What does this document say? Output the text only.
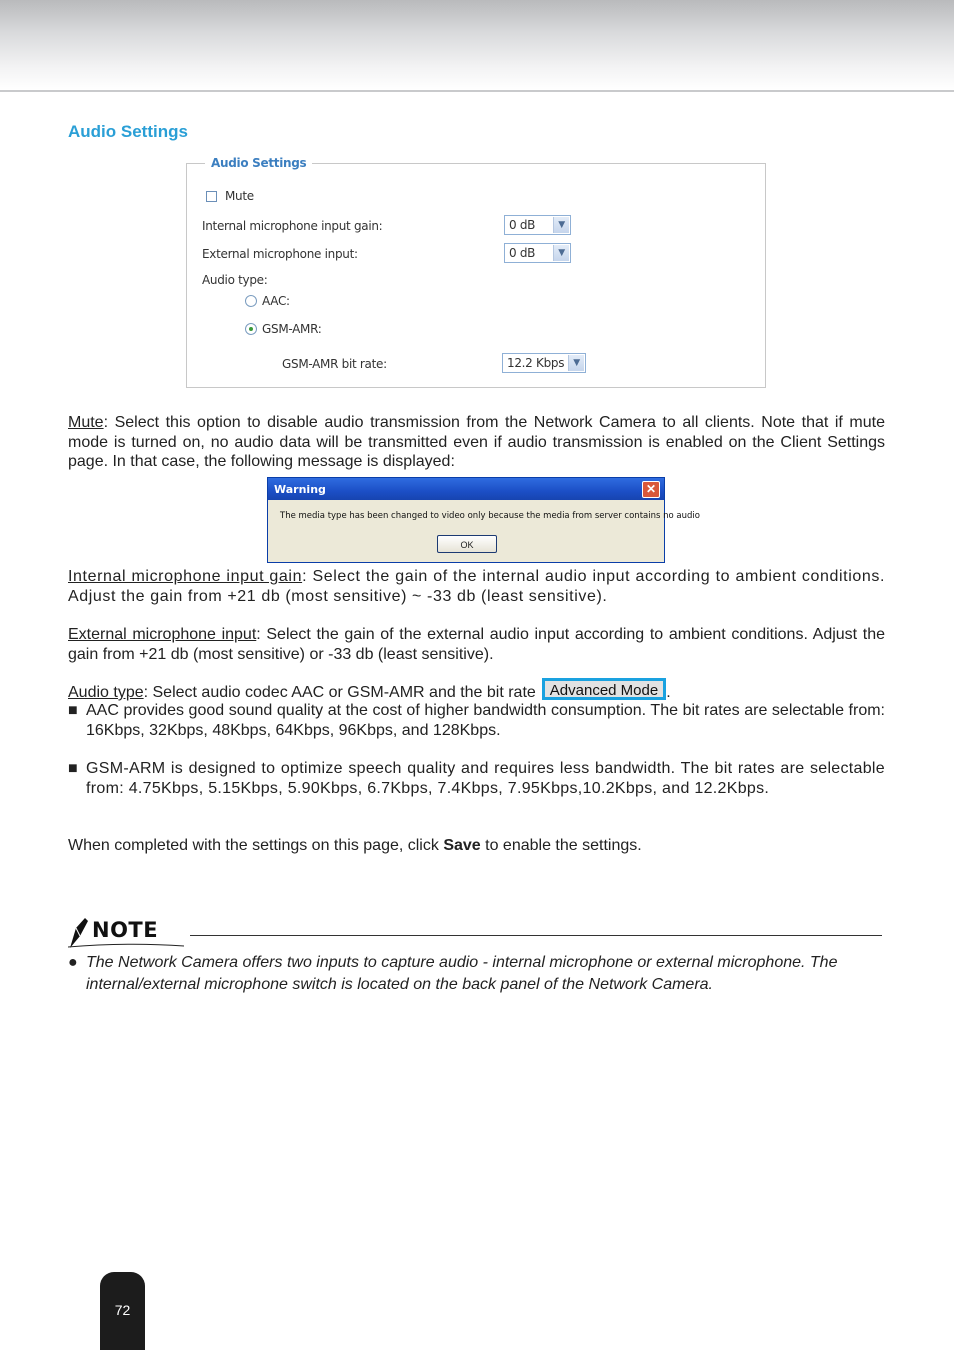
Audio Settings
Audio Settings
Mute
Internal microphone input gain:	0 dB	▼
External microphone input:	0 dB	▼
Audio type:
AAC:
GSM-AMR:
GSM-AMR bit rate:	12.2 Kbps ▼

Mute: Select this option to disable audio transmission from the Network Camera to all clients. Note that if mute mode is turned on, no audio data will be transmitted even if audio transmission is enabled on the Client Settings page. In that case, the following message is displayed:

Warning	✕
The media type has been changed to video only because the media from server contains no audio
OK

Internal microphone input gain: Select the gain of the internal audio input according to ambient conditions. Adjust the gain from +21 db (most sensitive) ~ -33 db (least sensitive).

External microphone input: Select the gain of the external audio input according to ambient conditions. Adjust the gain from +21 db (most sensitive) or -33 db (least sensitive).

Audio type: Select audio codec AAC or GSM-AMR and the bit rate Advanced Mode .

■ AAC provides good sound quality at the cost of higher bandwidth consumption. The bit rates are selectable from: 16Kbps, 32Kbps, 48Kbps, 64Kbps, 96Kbps, and 128Kbps.
■ GSM-ARM is designed to optimize speech quality and requires less bandwidth. The bit rates are selectable from: 4.75Kbps, 5.15Kbps, 5.90Kbps, 6.7Kbps, 7.4Kbps, 7.95Kbps,10.2Kbps, and 12.2Kbps.

When completed with the settings on this page, click Save to enable the settings.

NOTE
● The Network Camera offers two inputs to capture audio - internal microphone or external microphone. The internal/external microphone switch is located on the back panel of the Network Camera.
72
